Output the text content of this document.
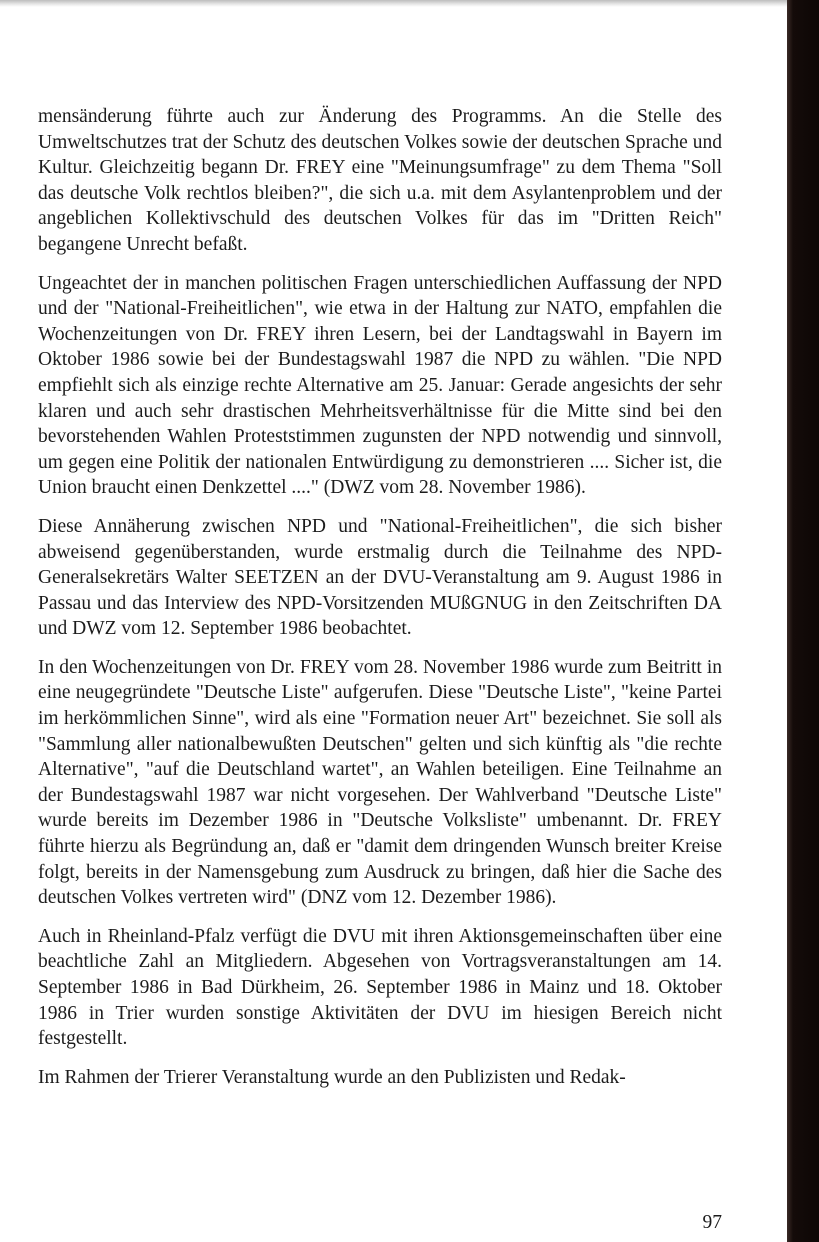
mensänderung führte auch zur Änderung des Programms. An die Stelle des Umweltschutzes trat der Schutz des deutschen Volkes sowie der deutschen Sprache und Kultur. Gleichzeitig begann Dr. FREY eine "Meinungsumfrage" zu dem Thema "Soll das deutsche Volk rechtlos bleiben?", die sich u.a. mit dem Asylantenproblem und der angeblichen Kollektivschuld des deutschen Volkes für das im "Dritten Reich" begangene Unrecht befaßt.

Ungeachtet der in manchen politischen Fragen unterschiedlichen Auffassung der NPD und der "National-Freiheitlichen", wie etwa in der Haltung zur NATO, empfahlen die Wochenzeitungen von Dr. FREY ihren Lesern, bei der Landtagswahl in Bayern im Oktober 1986 sowie bei der Bundestagswahl 1987 die NPD zu wählen. "Die NPD empfiehlt sich als einzige rechte Alternative am 25. Januar: Gerade angesichts der sehr klaren und auch sehr drastischen Mehrheitsverhältnisse für die Mitte sind bei den bevorstehenden Wahlen Proteststimmen zugunsten der NPD notwendig und sinnvoll, um gegen eine Politik der nationalen Entwürdigung zu demonstrieren .... Sicher ist, die Union braucht einen Denkzettel ...." (DWZ vom 28. November 1986).

Diese Annäherung zwischen NPD und "National-Freiheitlichen", die sich bisher abweisend gegenüberstanden, wurde erstmalig durch die Teilnahme des NPD-Generalsekretärs Walter SEETZEN an der DVU-Veranstaltung am 9. August 1986 in Passau und das Interview des NPD-Vorsitzenden MUßGNUG in den Zeitschriften DA und DWZ vom 12. September 1986 beobachtet.

In den Wochenzeitungen von Dr. FREY vom 28. November 1986 wurde zum Beitritt in eine neugegründete "Deutsche Liste" aufgerufen. Diese "Deutsche Liste", "keine Partei im herkömmlichen Sinne", wird als eine "Formation neuer Art" bezeichnet. Sie soll als "Sammlung aller nationalbewußten Deutschen" gelten und sich künftig als "die rechte Alternative", "auf die Deutschland wartet", an Wahlen beteiligen. Eine Teilnahme an der Bundestagswahl 1987 war nicht vorgesehen. Der Wahlverband "Deutsche Liste" wurde bereits im Dezember 1986 in "Deutsche Volksliste" umbenannt. Dr. FREY führte hierzu als Begründung an, daß er "damit dem dringenden Wunsch breiter Kreise folgt, bereits in der Namensgebung zum Ausdruck zu bringen, daß hier die Sache des deutschen Volkes vertreten wird" (DNZ vom 12. Dezember 1986).

Auch in Rheinland-Pfalz verfügt die DVU mit ihren Aktionsgemeinschaften über eine beachtliche Zahl an Mitgliedern. Abgesehen von Vortragsveranstaltungen am 14. September 1986 in Bad Dürkheim, 26. September 1986 in Mainz und 18. Oktober 1986 in Trier wurden sonstige Aktivitäten der DVU im hiesigen Bereich nicht festgestellt.

Im Rahmen der Trierer Veranstaltung wurde an den Publizisten und Redak-

97
